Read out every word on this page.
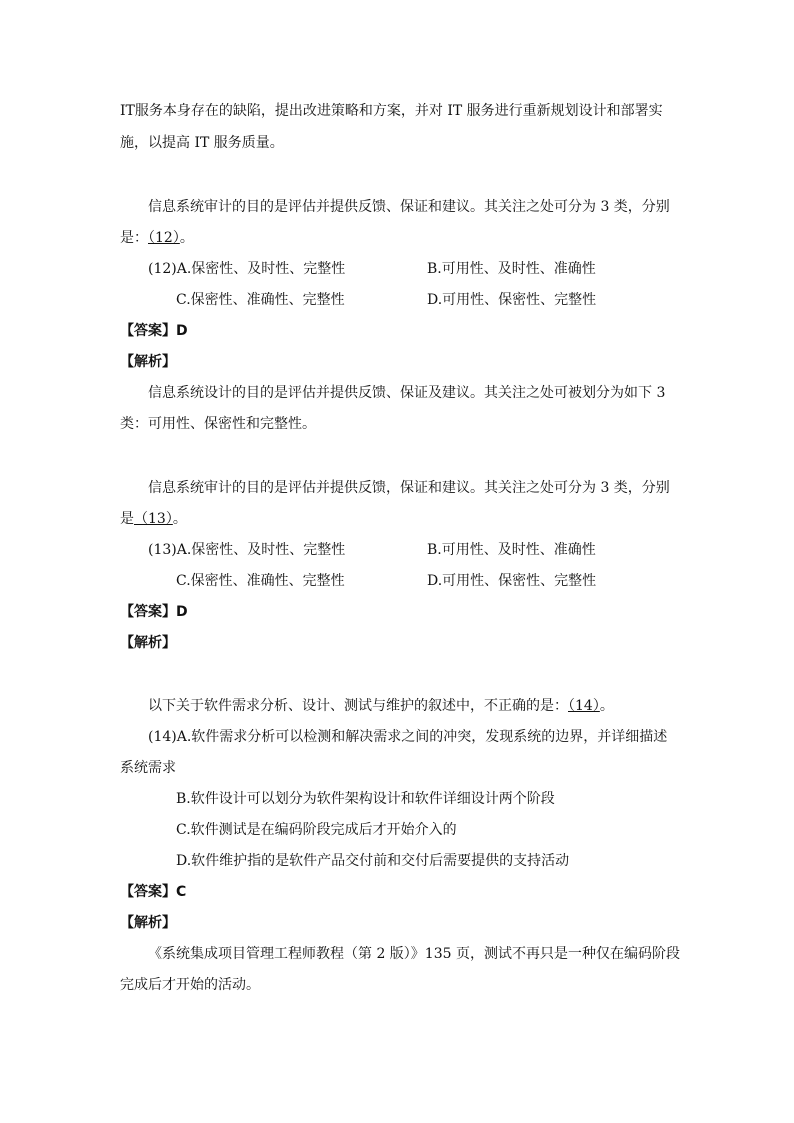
IT服务本身存在的缺陷，提出改进策略和方案，并对 IT 服务进行重新规划设计和部署实
施，以提高 IT 服务质量。
信息系统审计的目的是评估并提供反馈、保证和建议。其关注之处可分为 3 类，分别
是：（12）。
(12)A.保密性、及时性、完整性	B.可用性、及时性、准确性
C.保密性、准确性、完整性	D.可用性、保密性、完整性
【答案】D
【解析】
信息系统设计的目的是评估并提供反馈、保证及建议。其关注之处可被划分为如下 3
类：可用性、保密性和完整性。
信息系统审计的目的是评估并提供反馈，保证和建议。其关注之处可分为 3 类，分别
是（13）。
(13)A.保密性、及时性、完整性	B.可用性、及时性、准确性
C.保密性、准确性、完整性	D.可用性、保密性、完整性
【答案】D
【解析】
以下关于软件需求分析、设计、测试与维护的叙述中，不正确的是：（14）。
(14)A.软件需求分析可以检测和解决需求之间的冲突，发现系统的边界，并详细描述
系统需求
B.软件设计可以划分为软件架构设计和软件详细设计两个阶段
C.软件测试是在编码阶段完成后才开始介入的
D.软件维护指的是软件产品交付前和交付后需要提供的支持活动
【答案】C
【解析】
《系统集成项目管理工程师教程（第 2 版）》135 页，测试不再只是一种仅在编码阶段
完成后才开始的活动。
